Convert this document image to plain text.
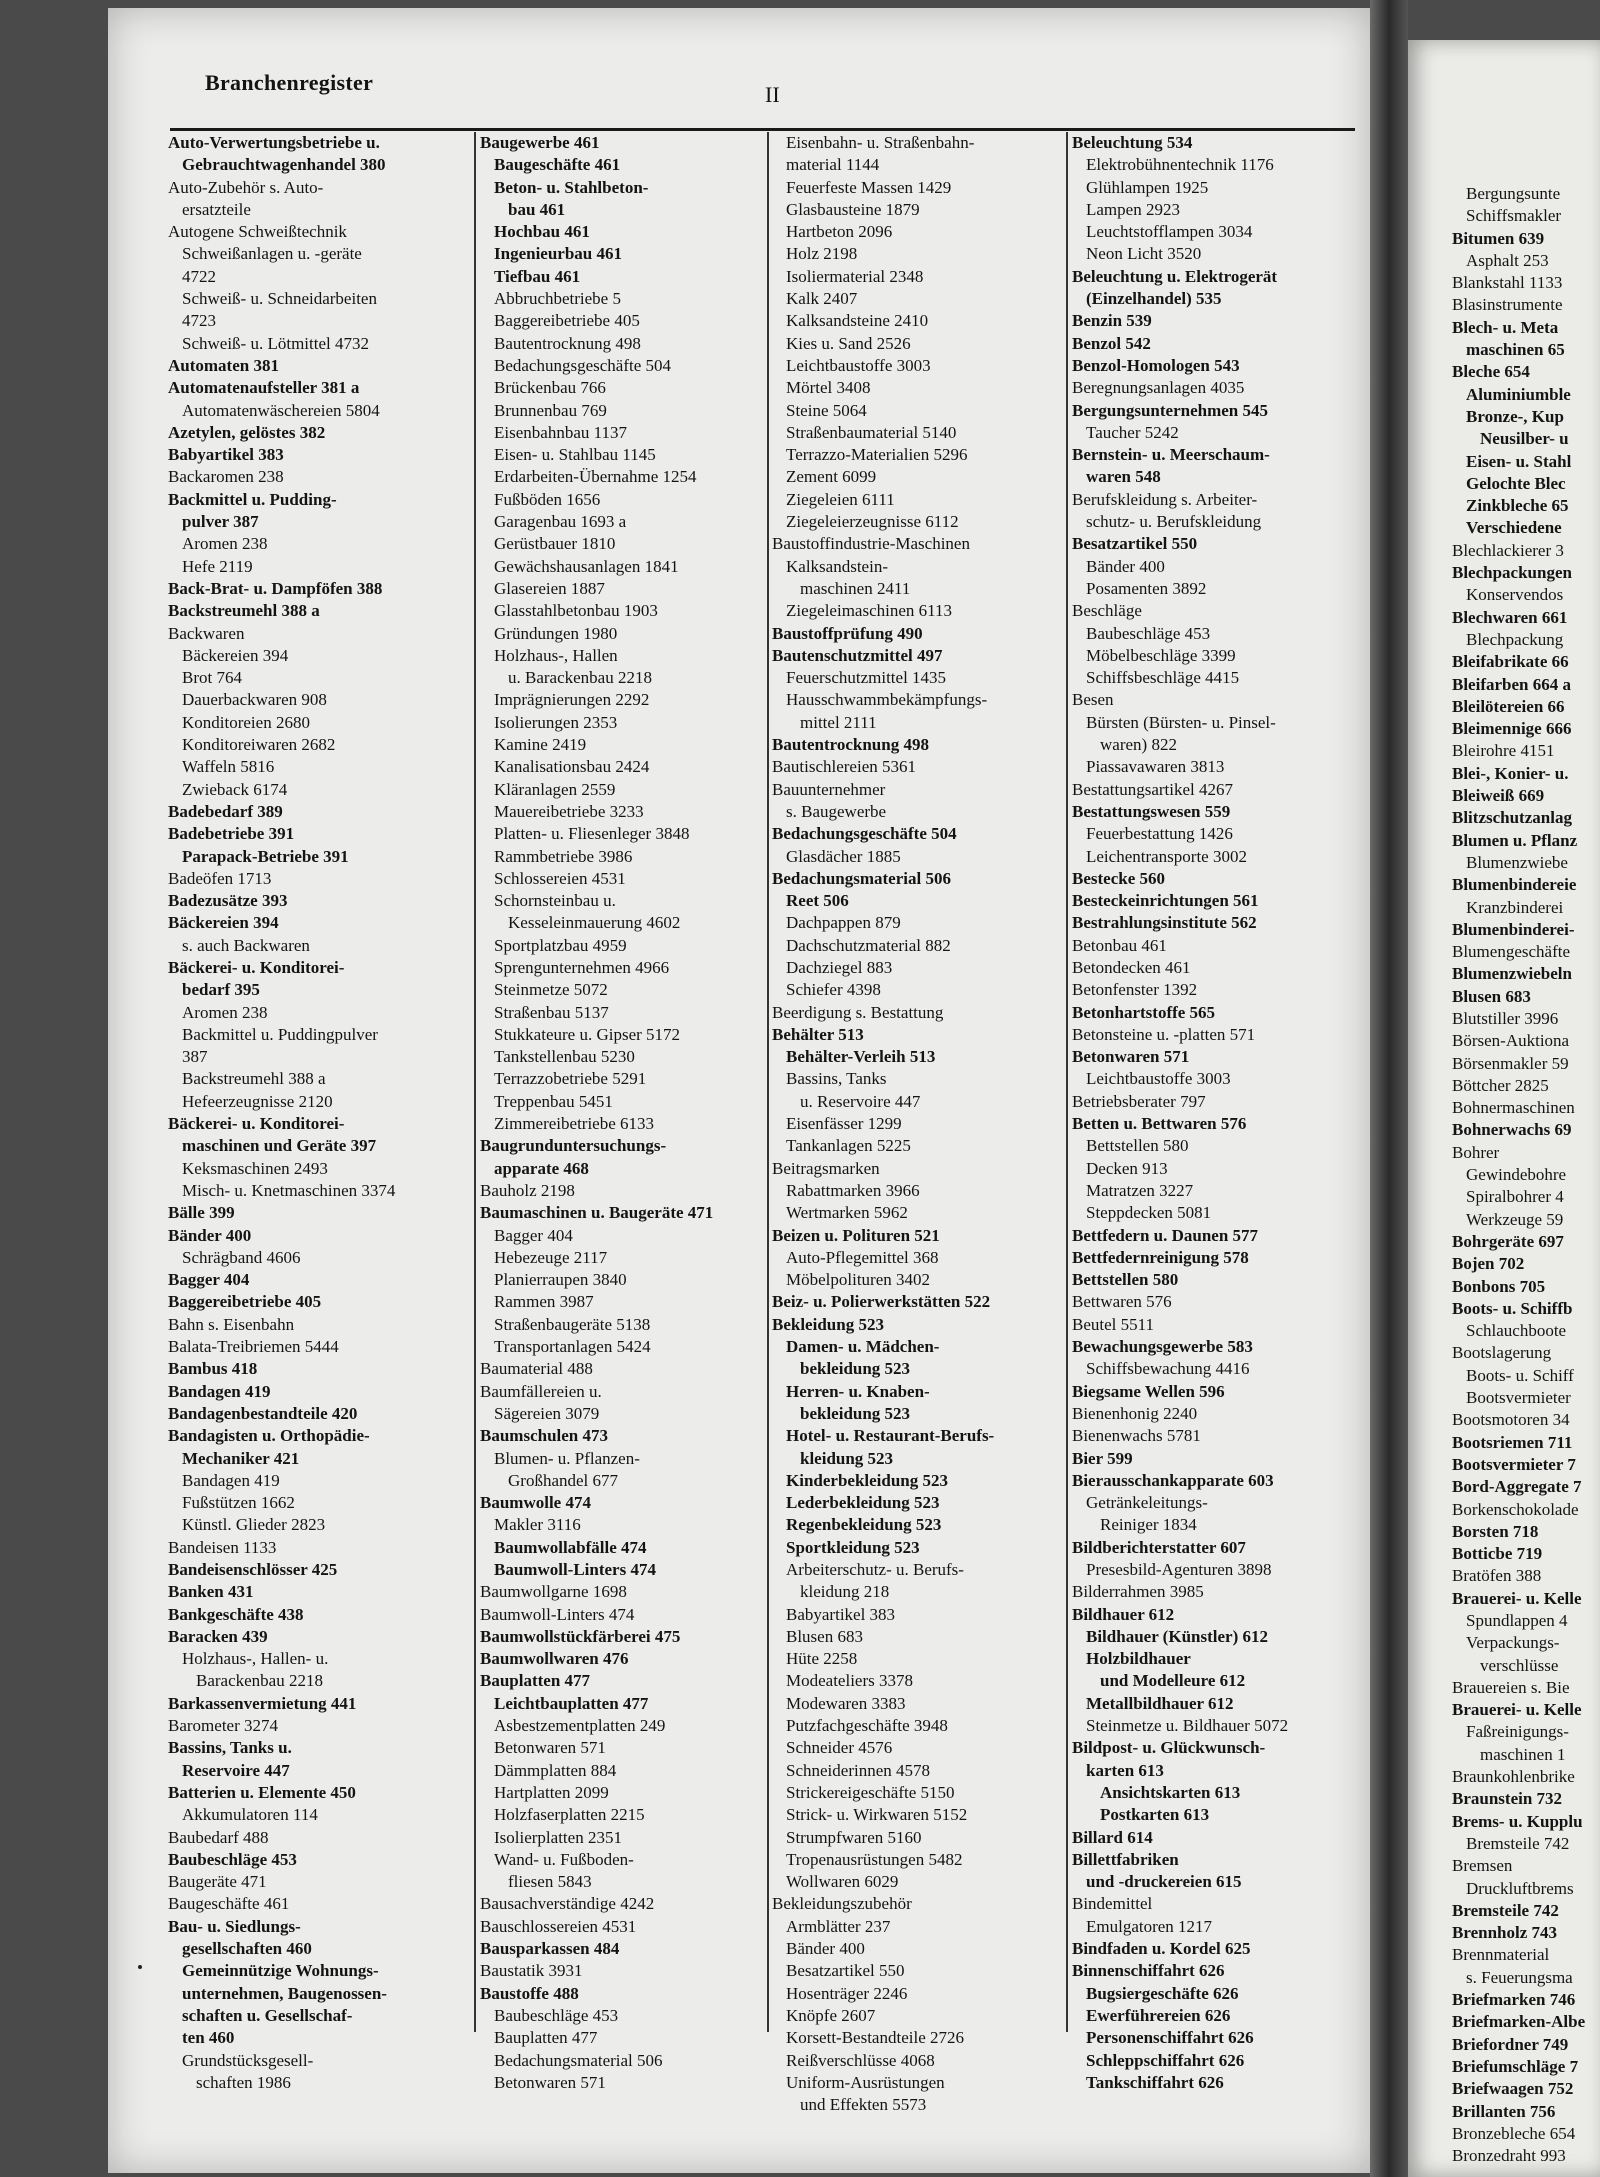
Bergungsunte
Schiffsmakler
Bitumen 639
Asphalt 253
Blankstahl 1133
Blasinstrumente
Blech- u. Meta
maschinen 65
Bleche 654
Aluminiumble
Bronze-, Kup
Neusilber- u
Eisen- u. Stahl
Gelochte Blec
Zinkbleche 65
Verschiedene
Blechlackierer 3
Blechpackungen
Konservendos
Blechwaren 661
Blechpackung
Bleifabrikate 66
Bleifarben 664 a
Bleilötereien 66
Bleimennige 666
Bleirohre 4151
Blei-, Konier- u.
Bleiweiß 669
Blitzschutzanlag
Blumen u. Pflanz
Blumenzwiebe
Blumenbindereie
Kranzbinderei
Blumenbinderei-
Blumengeschäfte
Blumenzwiebeln
Blusen 683
Blutstiller 3996
Börsen-Auktiona
Börsenmakler 59
Böttcher 2825
Bohnermaschinen
Bohnerwachs 69
Bohrer
Gewindebohre
Spiralbohrer 4
Werkzeuge 59
Bohrgeräte 697
Bojen 702
Bonbons 705
Boots- u. Schiffb
Schlauchboote
Bootslagerung
Boots- u. Schiff
Bootsvermieter
Bootsmotoren 34
Bootsriemen 711
Bootsvermieter 7
Bord-Aggregate 7
Borkenschokolade
Borsten 718
Botticbe 719
Bratöfen 388
Brauerei- u. Kelle
Spundlappen 4
Verpackungs-
verschlüsse
Brauereien s. Bie
Brauerei- u. Kelle
Faßreinigungs-
maschinen 1
Braunkohlenbrike
Braunstein 732
Brems- u. Kupplu
Bremsteile 742
Bremsen
Druckluftbrems
Bremsteile 742
Brennholz 743
Brennmaterial
s. Feuerungsma
Briefmarken 746
Briefmarken-Albe
Briefordner 749
Briefumschläge 7
Briefwaagen 752
Brillanten 756
Bronzebleche 654
Bronzedraht 993
Branchenregister	II
Auto-Verwertungsbetriebe u.
Gebrauchtwagenhandel 380
Auto-Zubehör s. Auto-
ersatzteile
Autogene Schweißtechnik
Schweißanlagen u. -geräte
4722
Schweiß- u. Schneidarbeiten
4723
Schweiß- u. Lötmittel 4732
Automaten 381
Automatenaufsteller 381 a
Automatenwäschereien 5804
Azetylen, gelöstes 382
Babyartikel 383
Backaromen 238
Backmittel u. Pudding-
pulver 387
Aromen 238
Hefe 2119
Back-Brat- u. Dampföfen 388
Backstreumehl 388 a
Backwaren
Bäckereien 394
Brot 764
Dauerbackwaren 908
Konditoreien 2680
Konditoreiwaren 2682
Waffeln 5816
Zwieback 6174
Badebedarf 389
Badebetriebe 391
Parapack-Betriebe 391
Badeöfen 1713
Badezusätze 393
Bäckereien 394
s. auch Backwaren
Bäckerei- u. Konditorei-
bedarf 395
Aromen 238
Backmittel u. Puddingpulver
387
Backstreumehl 388 a
Hefeerzeugnisse 2120
Bäckerei- u. Konditorei-
maschinen und Geräte 397
Keksmaschinen 2493
Misch- u. Knetmaschinen 3374
Bälle 399
Bänder 400
Schrägband 4606
Bagger 404
Baggereibetriebe 405
Bahn s. Eisenbahn
Balata-Treibriemen 5444
Bambus 418
Bandagen 419
Bandagenbestandteile 420
Bandagisten u. Orthopädie-
Mechaniker 421
Bandagen 419
Fußstützen 1662
Künstl. Glieder 2823
Bandeisen 1133
Bandeisenschlösser 425
Banken 431
Bankgeschäfte 438
Baracken 439
Holzhaus-, Hallen- u.
Barackenbau 2218
Barkassenvermietung 441
Barometer 3274
Bassins, Tanks u.
Reservoire 447
Batterien u. Elemente 450
Akkumulatoren 114
Baubedarf 488
Baubeschläge 453
Baugeräte 471
Baugeschäfte 461
Bau- u. Siedlungs-
gesellschaften 460
Gemeinnützige Wohnungs-
unternehmen, Baugenossen-
schaften u. Gesellschaf-
ten 460
Grundstücksgesell-
schaften 1986
Baugewerbe 461
Baugeschäfte 461
Beton- u. Stahlbeton-
bau 461
Hochbau 461
Ingenieurbau 461
Tiefbau 461
Abbruchbetriebe 5
Baggereibetriebe 405
Bautentrocknung 498
Bedachungsgeschäfte 504
Brückenbau 766
Brunnenbau 769
Eisenbahnbau 1137
Eisen- u. Stahlbau 1145
Erdarbeiten-Übernahme 1254
Fußböden 1656
Garagenbau 1693 a
Gerüstbauer 1810
Gewächshausanlagen 1841
Glasereien 1887
Glasstahlbetonbau 1903
Gründungen 1980
Holzhaus-, Hallen
u. Barackenbau 2218
Imprägnierungen 2292
Isolierungen 2353
Kamine 2419
Kanalisationsbau 2424
Kläranlagen 2559
Mauereibetriebe 3233
Platten- u. Fliesenleger 3848
Rammbetriebe 3986
Schlossereien 4531
Schornsteinbau u.
Kesseleinmauerung 4602
Sportplatzbau 4959
Sprengunternehmen 4966
Steinmetze 5072
Straßenbau 5137
Stukkateure u. Gipser 5172
Tankstellenbau 5230
Terrazzobetriebe 5291
Treppenbau 5451
Zimmereibetriebe 6133
Baugrunduntersuchungs-
apparate 468
Bauholz 2198
Baumaschinen u. Baugeräte 471
Bagger 404
Hebezeuge 2117
Planierraupen 3840
Rammen 3987
Straßenbaugeräte 5138
Transportanlagen 5424
Baumaterial 488
Baumfällereien u.
Sägereien 3079
Baumschulen 473
Blumen- u. Pflanzen-
Großhandel 677
Baumwolle 474
Makler 3116
Baumwollabfälle 474
Baumwoll-Linters 474
Baumwollgarne 1698
Baumwoll-Linters 474
Baumwollstückfärberei 475
Baumwollwaren 476
Bauplatten 477
Leichtbauplatten 477
Asbestzementplatten 249
Betonwaren 571
Dämmplatten 884
Hartplatten 2099
Holzfaserplatten 2215
Isolierplatten 2351
Wand- u. Fußboden-
fliesen 5843
Bausachverständige 4242
Bauschlossereien 4531
Bausparkassen 484
Baustatik 3931
Baustoffe 488
Baubeschläge 453
Bauplatten 477
Bedachungsmaterial 506
Betonwaren 571
Eisenbahn- u. Straßenbahn-
material 1144
Feuerfeste Massen 1429
Glasbausteine 1879
Hartbeton 2096
Holz 2198
Isoliermaterial 2348
Kalk 2407
Kalksandsteine 2410
Kies u. Sand 2526
Leichtbaustoffe 3003
Mörtel 3408
Steine 5064
Straßenbaumaterial 5140
Terrazzo-Materialien 5296
Zement 6099
Ziegeleien 6111
Ziegeleierzeugnisse 6112
Baustoffindustrie-Maschinen
Kalksandstein-
maschinen 2411
Ziegeleimaschinen 6113
Baustoffprüfung 490
Bautenschutzmittel 497
Feuerschutzmittel 1435
Hausschwammbekämpfungs-
mittel 2111
Bautentrocknung 498
Bautischlereien 5361
Bauunternehmer
s. Baugewerbe
Bedachungsgeschäfte 504
Glasdächer 1885
Bedachungsmaterial 506
Reet 506
Dachpappen 879
Dachschutzmaterial 882
Dachziegel 883
Schiefer 4398
Beerdigung s. Bestattung
Behälter 513
Behälter-Verleih 513
Bassins, Tanks
u. Reservoire 447
Eisenfässer 1299
Tankanlagen 5225
Beitragsmarken
Rabattmarken 3966
Wertmarken 5962
Beizen u. Polituren 521
Auto-Pflegemittel 368
Möbelpolituren 3402
Beiz- u. Polierwerkstätten 522
Bekleidung 523
Damen- u. Mädchen-
bekleidung 523
Herren- u. Knaben-
bekleidung 523
Hotel- u. Restaurant-Berufs-
kleidung 523
Kinderbekleidung 523
Lederbekleidung 523
Regenbekleidung 523
Sportkleidung 523
Arbeiterschutz- u. Berufs-
kleidung 218
Babyartikel 383
Blusen 683
Hüte 2258
Modeateliers 3378
Modewaren 3383
Putzfachgeschäfte 3948
Schneider 4576
Schneiderinnen 4578
Strickereigeschäfte 5150
Strick- u. Wirkwaren 5152
Strumpfwaren 5160
Tropenausrüstungen 5482
Wollwaren 6029
Bekleidungszubehör
Armblätter 237
Bänder 400
Besatzartikel 550
Hosenträger 2246
Knöpfe 2607
Korsett-Bestandteile 2726
Reißverschlüsse 4068
Uniform-Ausrüstungen
und Effekten 5573
Beleuchtung 534
Elektrobühnentechnik 1176
Glühlampen 1925
Lampen 2923
Leuchtstofflampen 3034
Neon Licht 3520
Beleuchtung u. Elektrogerät
(Einzelhandel) 535
Benzin 539
Benzol 542
Benzol-Homologen 543
Beregnungsanlagen 4035
Bergungsunternehmen 545
Taucher 5242
Bernstein- u. Meerschaum-
waren 548
Berufskleidung s. Arbeiter-
schutz- u. Berufskleidung
Besatzartikel 550
Bänder 400
Posamenten 3892
Beschläge
Baubeschläge 453
Möbelbeschläge 3399
Schiffsbeschläge 4415
Besen
Bürsten (Bürsten- u. Pinsel-
waren) 822
Piassavawaren 3813
Bestattungsartikel 4267
Bestattungswesen 559
Feuerbestattung 1426
Leichentransporte 3002
Bestecke 560
Besteckeinrichtungen 561
Bestrahlungsinstitute 562
Betonbau 461
Betondecken 461
Betonfenster 1392
Betonhartstoffe 565
Betonsteine u. -platten 571
Betonwaren 571
Leichtbaustoffe 3003
Betriebsberater 797
Betten u. Bettwaren 576
Bettstellen 580
Decken 913
Matratzen 3227
Steppdecken 5081
Bettfedern u. Daunen 577
Bettfedernreinigung 578
Bettstellen 580
Bettwaren 576
Beutel 5511
Bewachungsgewerbe 583
Schiffsbewachung 4416
Biegsame Wellen 596
Bienenhonig 2240
Bienenwachs 5781
Bier 599
Bierausschankapparate 603
Getränkeleitungs-
Reiniger 1834
Bildberichterstatter 607
Presesbild-Agenturen 3898
Bilderrahmen 3985
Bildhauer 612
Bildhauer (Künstler) 612
Holzbildhauer
und Modelleure 612
Metallbildhauer 612
Steinmetze u. Bildhauer 5072
Bildpost- u. Glückwunsch-
karten 613
Ansichtskarten 613
Postkarten 613
Billard 614
Billettfabriken
und -druckereien 615
Bindemittel
Emulgatoren 1217
Bindfaden u. Kordel 625
Binnenschiffahrt 626
Bugsiergeschäfte 626
Ewerführereien 626
Personenschiffahrt 626
Schleppschiffahrt 626
Tankschiffahrt 626
